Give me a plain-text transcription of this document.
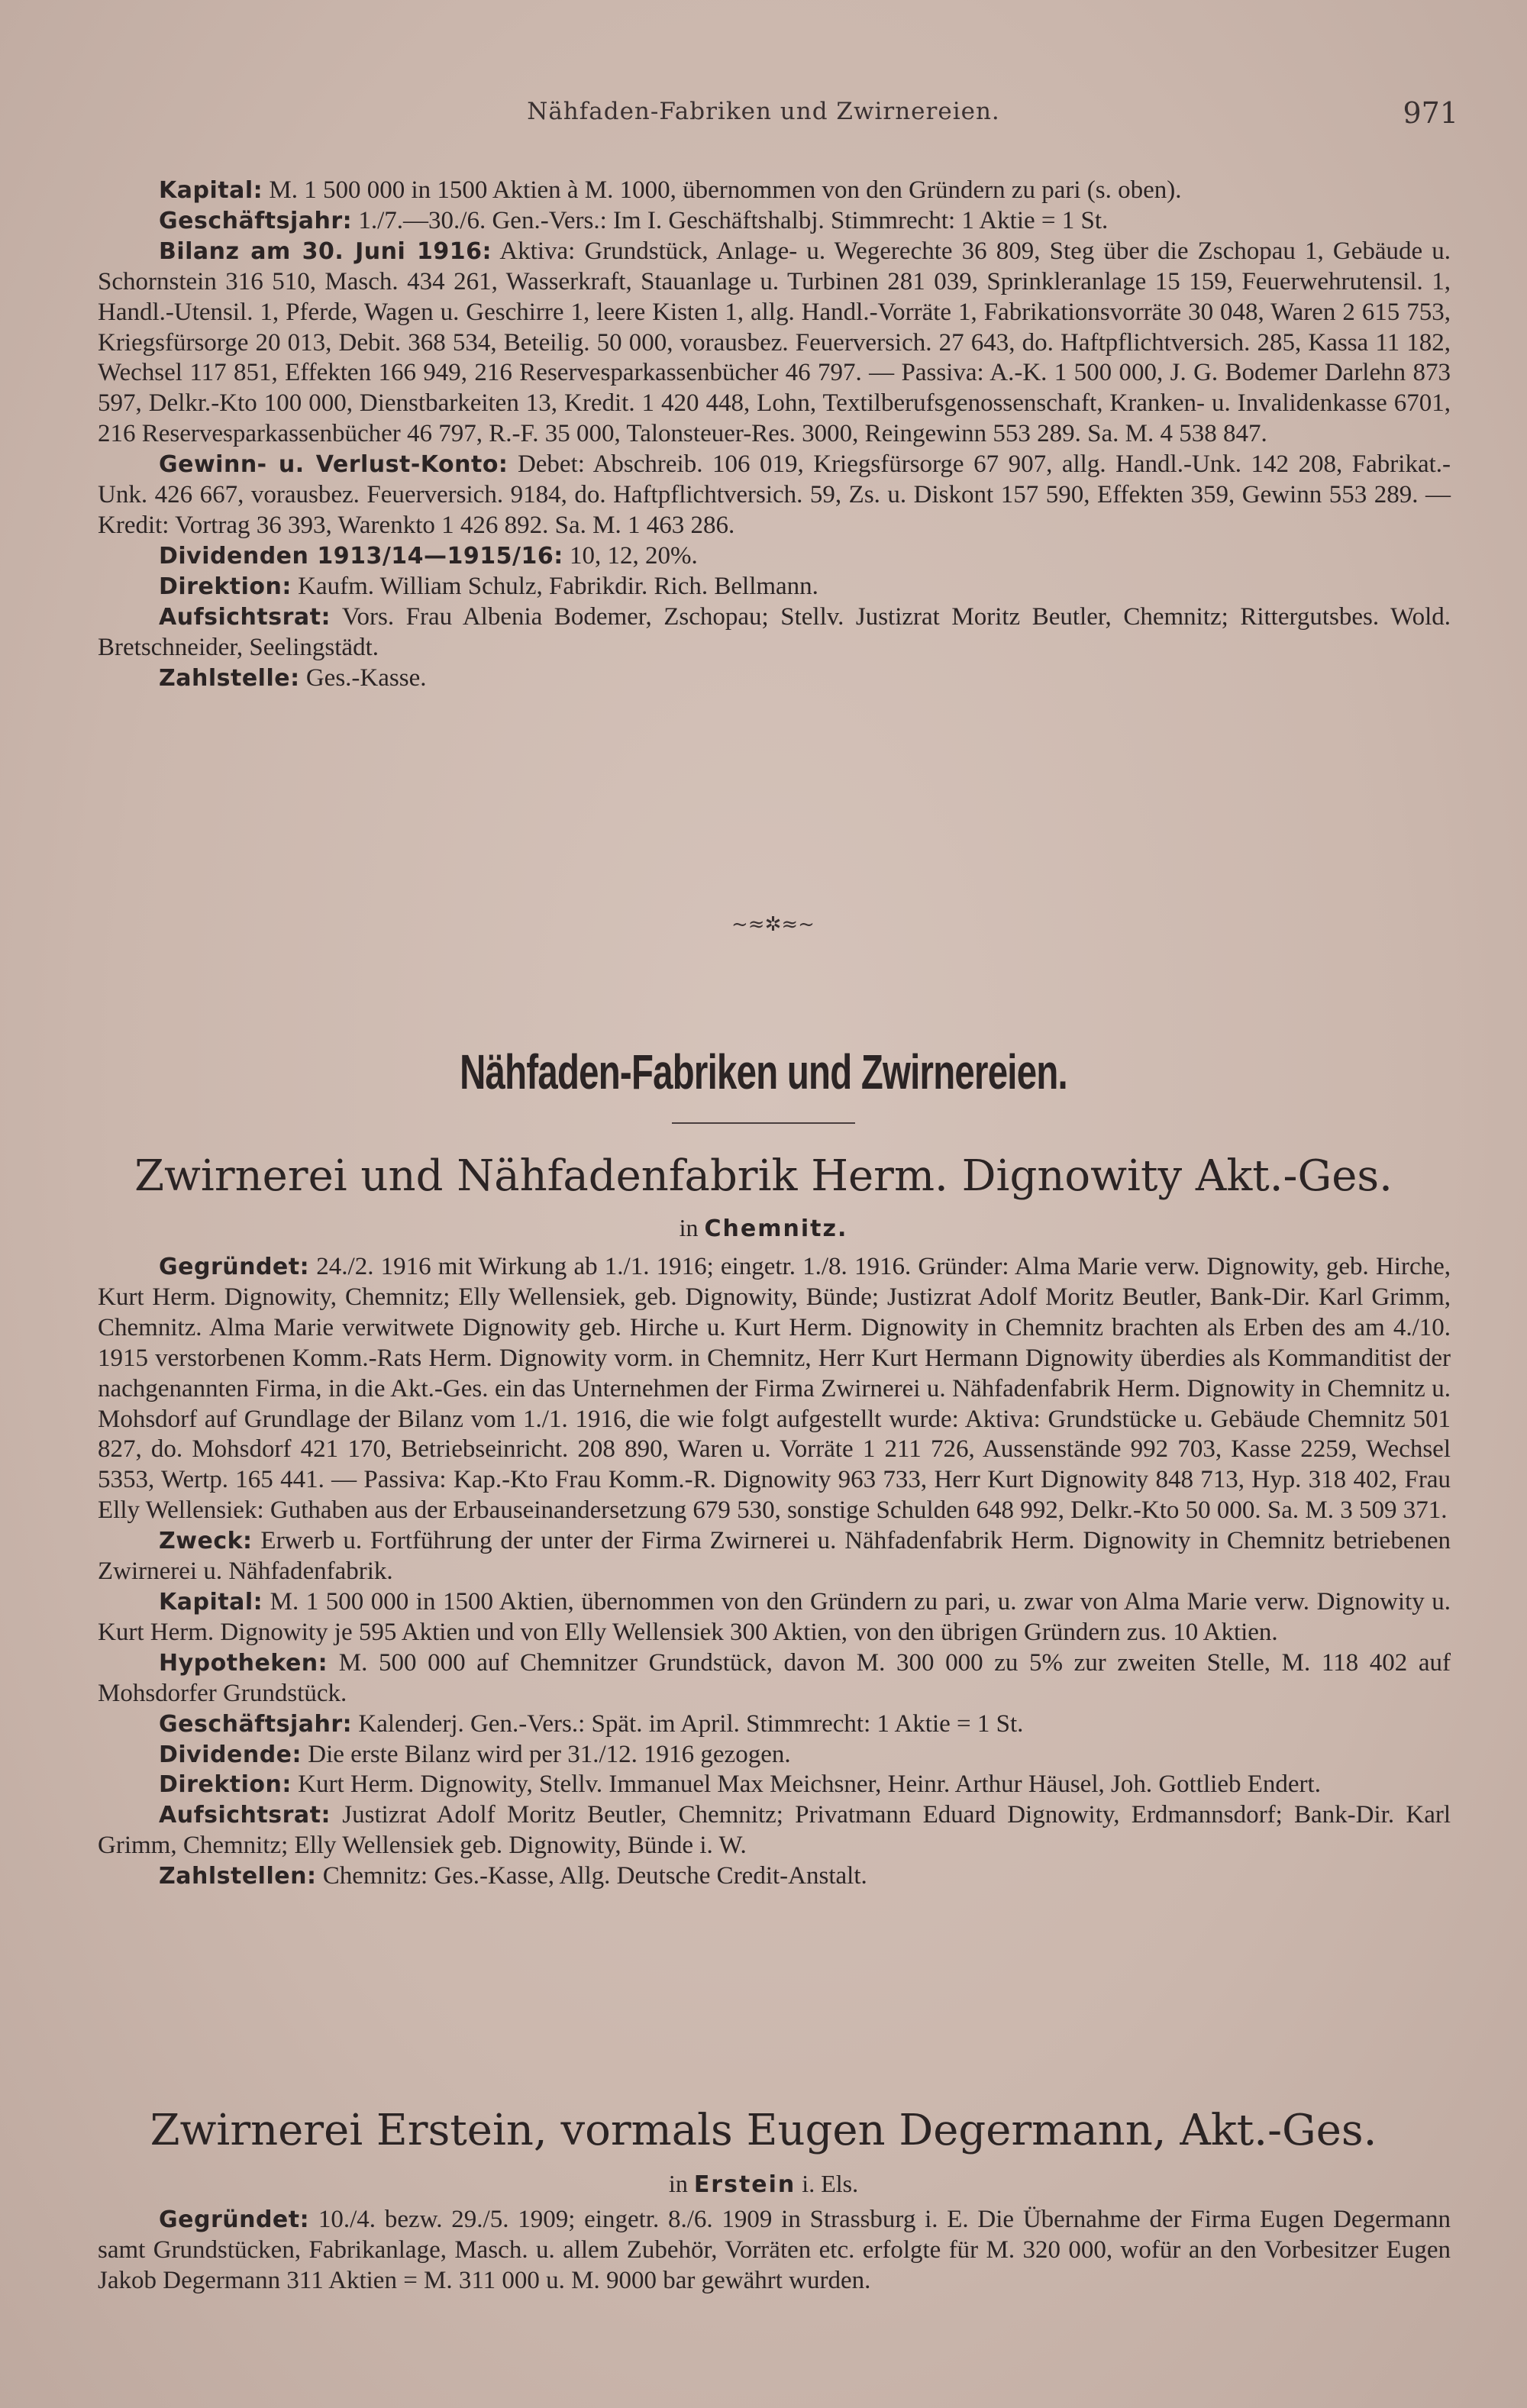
Nähfaden-Fabriken und Zwirnereien.	971

Kapital: M. 1 500 000 in 1500 Aktien à M. 1000, übernommen von den Gründern zu pari (s. oben).

Geschäftsjahr: 1./7.—30./6. Gen.-Vers.: Im I. Geschäftshalbj. Stimmrecht: 1 Aktie = 1 St.

Bilanz am 30. Juni 1916: Aktiva: Grundstück, Anlage- u. Wegerechte 36 809, Steg über die Zschopau 1, Gebäude u. Schornstein 316 510, Masch. 434 261, Wasserkraft, Stauanlage u. Turbinen 281 039, Sprinkleranlage 15 159, Feuerwehrutensil. 1, Handl.-Utensil. 1, Pferde, Wagen u. Geschirre 1, leere Kisten 1, allg. Handl.-Vorräte 1, Fabrikationsvorräte 30 048, Waren 2 615 753, Kriegsfürsorge 20 013, Debit. 368 534, Beteilig. 50 000, vorausbez. Feuerversich. 27 643, do. Haftpflichtversich. 285, Kassa 11 182, Wechsel 117 851, Effekten 166 949, 216 Reservesparkassenbücher 46 797. — Passiva: A.-K. 1 500 000, J. G. Bodemer Darlehn 873 597, Delkr.-Kto 100 000, Dienstbarkeiten 13, Kredit. 1 420 448, Lohn, Textilberufsgenossenschaft, Kranken- u. Invalidenkasse 6701, 216 Reservesparkassenbücher 46 797, R.-F. 35 000, Talonsteuer-Res. 3000, Reingewinn 553 289. Sa. M. 4 538 847.

Gewinn- u. Verlust-Konto: Debet: Abschreib. 106 019, Kriegsfürsorge 67 907, allg. Handl.-Unk. 142 208, Fabrikat.-Unk. 426 667, vorausbez. Feuerversich. 9184, do. Haftpflichtversich. 59, Zs. u. Diskont 157 590, Effekten 359, Gewinn 553 289. — Kredit: Vortrag 36 393, Warenkto 1 426 892. Sa. M. 1 463 286.

Dividenden 1913/14—1915/16: 10, 12, 20%.

Direktion: Kaufm. William Schulz, Fabrikdir. Rich. Bellmann.

Aufsichtsrat: Vors. Frau Albenia Bodemer, Zschopau; Stellv. Justizrat Moritz Beutler, Chemnitz; Rittergutsbes. Wold. Bretschneider, Seelingstädt.

Zahlstelle: Ges.-Kasse.

~≈✲≈~
Nähfaden-Fabriken und Zwirnereien.
Zwirnerei und Nähfadenfabrik Herm. Dignowity Akt.-Ges.
in Chemnitz.

Gegründet: 24./2. 1916 mit Wirkung ab 1./1. 1916; eingetr. 1./8. 1916. Gründer: Alma Marie verw. Dignowity, geb. Hirche, Kurt Herm. Dignowity, Chemnitz; Elly Wellensiek, geb. Dignowity, Bünde; Justizrat Adolf Moritz Beutler, Bank-Dir. Karl Grimm, Chemnitz. Alma Marie verwitwete Dignowity geb. Hirche u. Kurt Herm. Dignowity in Chemnitz brachten als Erben des am 4./10. 1915 verstorbenen Komm.-Rats Herm. Dignowity vorm. in Chemnitz, Herr Kurt Hermann Dignowity überdies als Kommanditist der nachgenannten Firma, in die Akt.-Ges. ein das Unternehmen der Firma Zwirnerei u. Nähfadenfabrik Herm. Dignowity in Chemnitz u. Mohsdorf auf Grundlage der Bilanz vom 1./1. 1916, die wie folgt aufgestellt wurde: Aktiva: Grundstücke u. Gebäude Chemnitz 501 827, do. Mohsdorf 421 170, Betriebseinricht. 208 890, Waren u. Vorräte 1 211 726, Aussenstände 992 703, Kasse 2259, Wechsel 5353, Wertp. 165 441. — Passiva: Kap.-Kto Frau Komm.-R. Dignowity 963 733, Herr Kurt Dignowity 848 713, Hyp. 318 402, Frau Elly Wellensiek: Guthaben aus der Erbauseinandersetzung 679 530, sonstige Schulden 648 992, Delkr.-Kto 50 000. Sa. M. 3 509 371.

Zweck: Erwerb u. Fortführung der unter der Firma Zwirnerei u. Nähfadenfabrik Herm. Dignowity in Chemnitz betriebenen Zwirnerei u. Nähfadenfabrik.

Kapital: M. 1 500 000 in 1500 Aktien, übernommen von den Gründern zu pari, u. zwar von Alma Marie verw. Dignowity u. Kurt Herm. Dignowity je 595 Aktien und von Elly Wellensiek 300 Aktien, von den übrigen Gründern zus. 10 Aktien.

Hypotheken: M. 500 000 auf Chemnitzer Grundstück, davon M. 300 000 zu 5% zur zweiten Stelle, M. 118 402 auf Mohsdorfer Grundstück.

Geschäftsjahr: Kalenderj. Gen.-Vers.: Spät. im April. Stimmrecht: 1 Aktie = 1 St.

Dividende: Die erste Bilanz wird per 31./12. 1916 gezogen.

Direktion: Kurt Herm. Dignowity, Stellv. Immanuel Max Meichsner, Heinr. Arthur Häusel, Joh. Gottlieb Endert.

Aufsichtsrat: Justizrat Adolf Moritz Beutler, Chemnitz; Privatmann Eduard Dignowity, Erdmannsdorf; Bank-Dir. Karl Grimm, Chemnitz; Elly Wellensiek geb. Dignowity, Bünde i. W.

Zahlstellen: Chemnitz: Ges.-Kasse, Allg. Deutsche Credit-Anstalt.

Zwirnerei Erstein, vormals Eugen Degermann, Akt.-Ges.
in Erstein i. Els.

Gegründet: 10./4. bezw. 29./5. 1909; eingetr. 8./6. 1909 in Strassburg i. E. Die Übernahme der Firma Eugen Degermann samt Grundstücken, Fabrikanlage, Masch. u. allem Zubehör, Vorräten etc. erfolgte für M. 320 000, wofür an den Vorbesitzer Eugen Jakob Degermann 311 Aktien = M. 311 000 u. M. 9000 bar gewährt wurden.
